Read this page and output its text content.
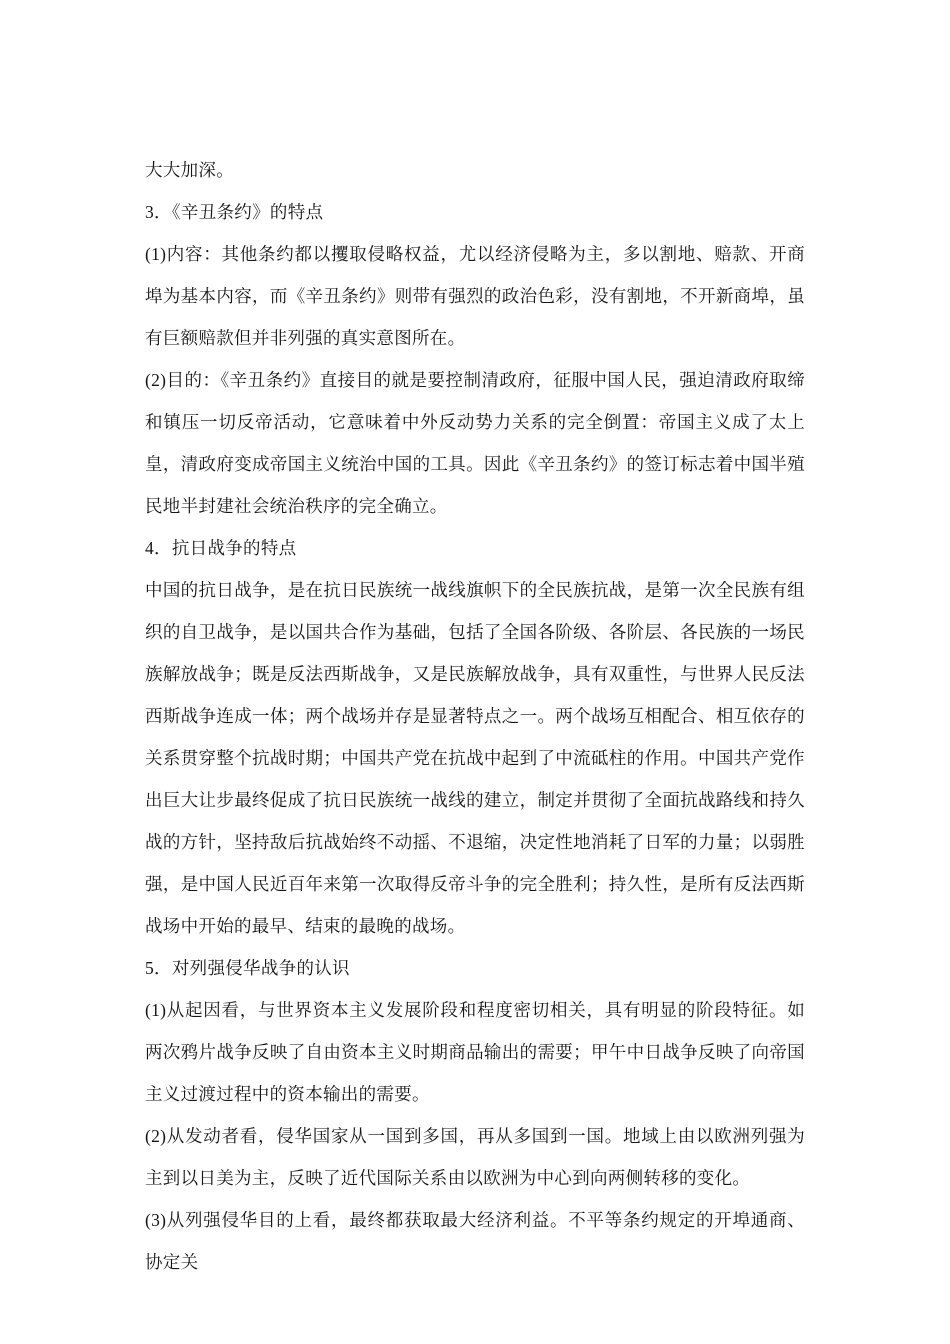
大大加深。

3．《辛丑条约》的特点

(1)内容：其他条约都以攫取侵略权益，尤以经济侵略为主，多以割地、赔款、开商埠为基本内容，而《辛丑条约》则带有强烈的政治色彩，没有割地，不开新商埠，虽有巨额赔款但并非列强的真实意图所在。

(2)目的：《辛丑条约》直接目的就是要控制清政府，征服中国人民，强迫清政府取缔和镇压一切反帝活动，它意味着中外反动势力关系的完全倒置：帝国主义成了太上皇，清政府变成帝国主义统治中国的工具。因此《辛丑条约》的签订标志着中国半殖民地半封建社会统治秩序的完全确立。

4．抗日战争的特点

中国的抗日战争，是在抗日民族统一战线旗帜下的全民族抗战，是第一次全民族有组织的自卫战争，是以国共合作为基础，包括了全国各阶级、各阶层、各民族的一场民族解放战争；既是反法西斯战争，又是民族解放战争，具有双重性，与世界人民反法西斯战争连成一体；两个战场并存是显著特点之一。两个战场互相配合、相互依存的关系贯穿整个抗战时期；中国共产党在抗战中起到了中流砥柱的作用。中国共产党作出巨大让步最终促成了抗日民族统一战线的建立，制定并贯彻了全面抗战路线和持久战的方针，坚持敌后抗战始终不动摇、不退缩，决定性地消耗了日军的力量；以弱胜强，是中国人民近百年来第一次取得反帝斗争的完全胜利；持久性，是所有反法西斯战场中开始的最早、结束的最晚的战场。

5．对列强侵华战争的认识

(1)从起因看，与世界资本主义发展阶段和程度密切相关，具有明显的阶段特征。如两次鸦片战争反映了自由资本主义时期商品输出的需要；甲午中日战争反映了向帝国主义过渡过程中的资本输出的需要。

(2)从发动者看，侵华国家从一国到多国，再从多国到一国。地域上由以欧洲列强为主到以日美为主，反映了近代国际关系由以欧洲为中心到向两侧转移的变化。

(3)从列强侵华目的上看，最终都获取最大经济利益。不平等条约规定的开埠通商、协定关
